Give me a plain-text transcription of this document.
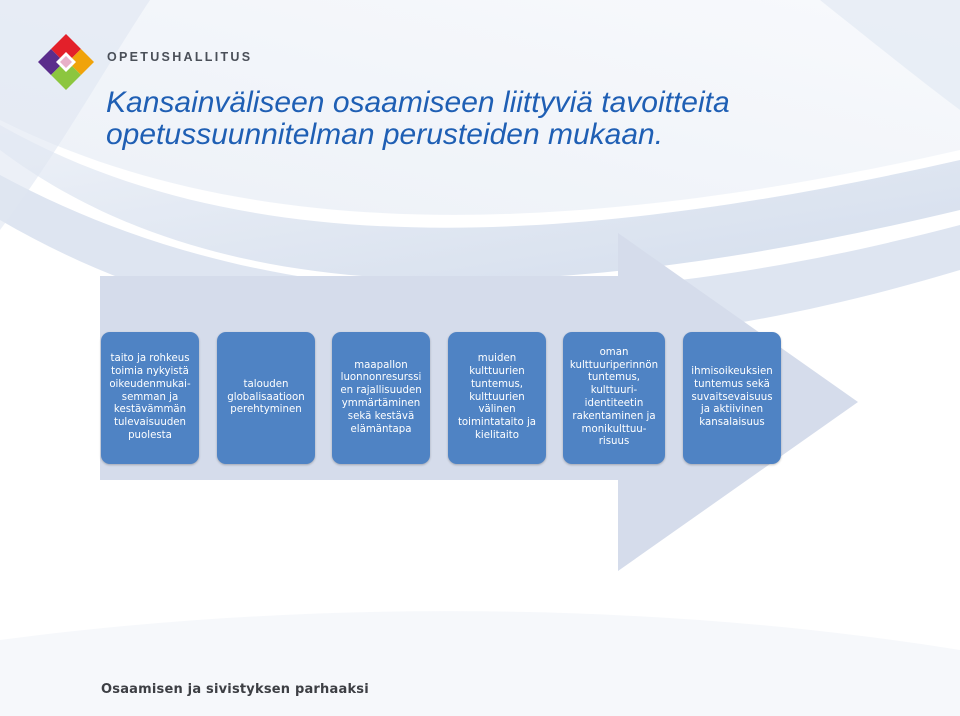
OPETUSHALLITUS
Kansainväliseen osaamiseen liittyviä tavoitteita
opetussuunnitelman perusteiden mukaan.
taito ja rohkeus
toimia nykyistä
oikeudenmukai-
semman ja
kestävämmän
tulevaisuuden
puolesta
talouden
globalisaatioon
perehtyminen
maapallon
luonnonresurssi
en rajallisuuden
ymmärtäminen
sekä kestävä
elämäntapa
muiden
kulttuurien
tuntemus,
kulttuurien
välinen
toimintataito ja
kielitaito
oman
kulttuuriperinnön
tuntemus,
kulttuuri-
identiteetin
rakentaminen ja
monikulttuu-
risuus
ihmisoikeuksien
tuntemus sekä
suvaitsevaisuus
ja aktiivinen
kansalaisuus
Osaamisen ja sivistyksen parhaaksi
